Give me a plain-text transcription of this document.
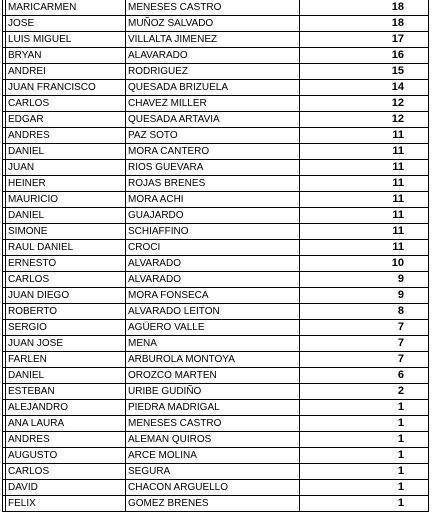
	MARICARMEN	MENESES CASTRO	18
	JOSE	MUÑOZ SALVADO	18
	LUIS MIGUEL	VILLALTA JIMENEZ	17
	BRYAN	ALAVARADO	16
	ANDREI	RODRIGUEZ	15
	JUAN FRANCISCO	QUESADA BRIZUELA	14
	CARLOS	CHAVEZ MILLER	12
	EDGAR	QUESADA ARTAVIA	12
	ANDRES	PAZ SOTO	11
	DANIEL	MORA CANTERO	11
	JUAN	RIOS GUEVARA	11
	HEINER	ROJAS BRENES	11
	MAURICIO	MORA ACHI	11
	DANIEL	GUAJARDO	11
	SIMONE	SCHIAFFINO	11
	RAUL DANIEL	CROCI	11
	ERNESTO	ALVARADO	10
	CARLOS	ALVARADO	9
	JUAN DIEGO	MORA FONSECA	9
	ROBERTO	ALVARADO LEITON	8
	SERGIO	AGÜERO VALLE	7
	JUAN JOSE	MENA	7
	FARLEN	ARBUROLA MONTOYA	7
	DANIEL	OROZCO MARTEN	6
	ESTEBAN	URIBE GUDIÑO	2
	ALEJANDRO	PIEDRA MADRIGAL	1
	ANA LAURA	MENESES CASTRO	1
	ANDRES	ALEMAN QUIROS	1
	AUGUSTO	ARCE MOLINA	1
	CARLOS	SEGURA	1
	DAVID	CHACON ARGUELLO	1
	FELIX	GOMEZ BRENES	1
